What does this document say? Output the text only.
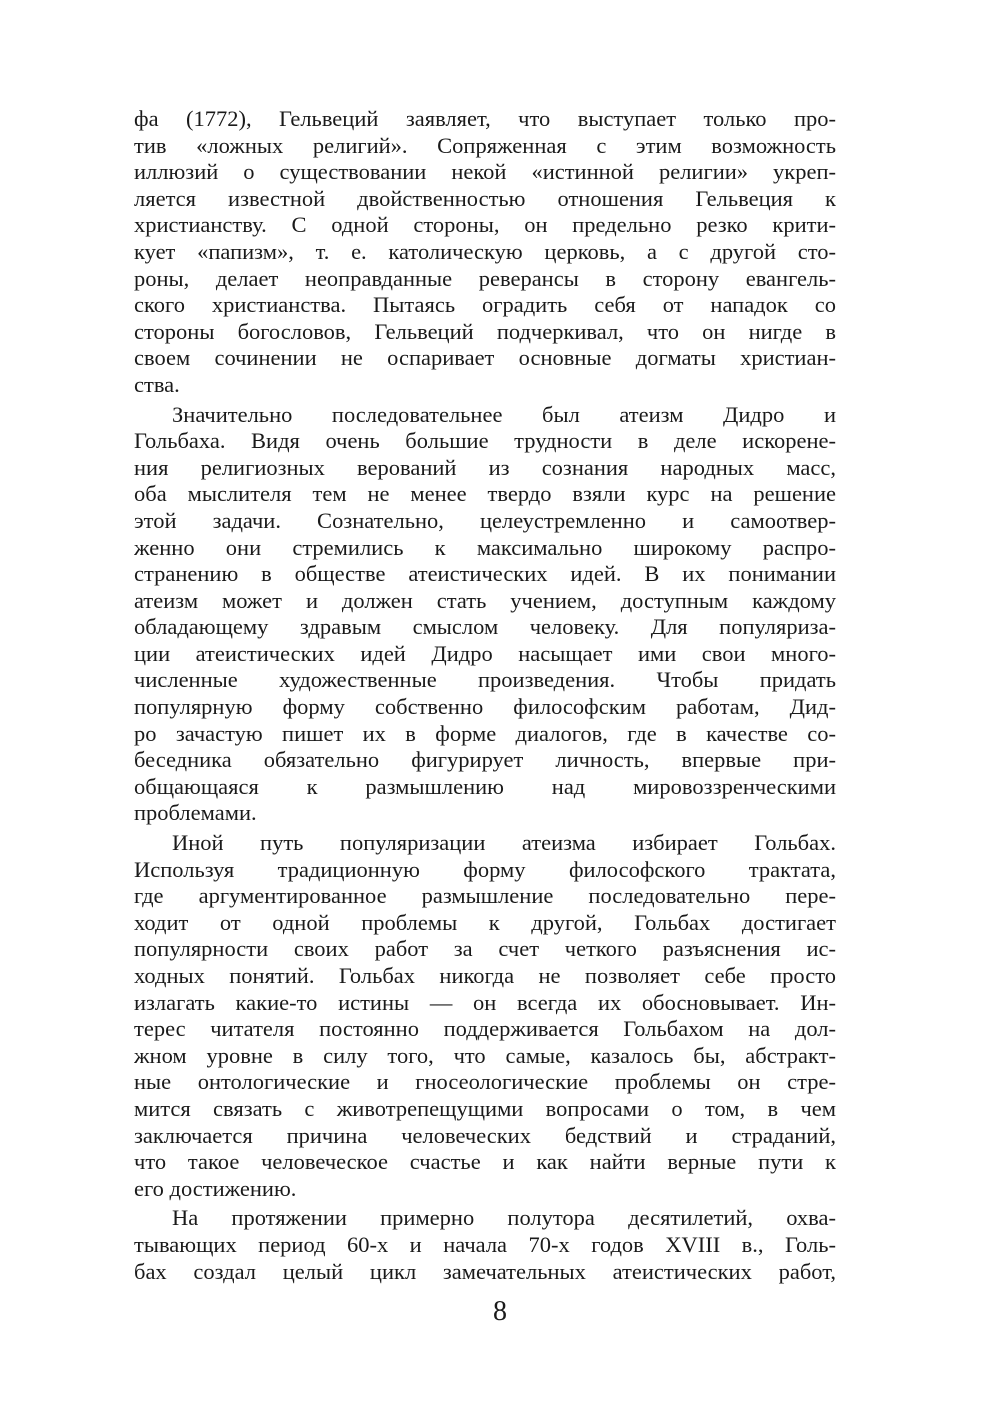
фа (1772), Гельвеций заявляет, что выступает только про-
тив «ложных религий». Сопряженная с этим возможность
иллюзий о существовании некой «истинной религии» укреп-
ляется известной двойственностью отношения Гельвеция к
христианству. С одной стороны, он предельно резко крити-
кует «папизм», т. е. католическую церковь, а с другой сто-
роны, делает неоправданные реверансы в сторону евангель-
ского христианства. Пытаясь оградить себя от нападок со
стороны богословов, Гельвеций подчеркивал, что он нигде в
своем сочинении не оспаривает основные догматы христиан-
ства.

Значительно последовательнее был атеизм Дидро и
Гольбаха. Видя очень большие трудности в деле искорене-
ния религиозных верований из сознания народных масс,
оба мыслителя тем не менее твердо взяли курс на решение
этой задачи. Сознательно, целеустремленно и самоотвер-
женно они стремились к максимально широкому распро-
странению в обществе атеистических идей. В их понимании
атеизм может и должен стать учением, доступным каждому
обладающему здравым смыслом человеку. Для популяриза-
ции атеистических идей Дидро насыщает ими свои много-
численные художественные произведения. Чтобы придать
популярную форму собственно философским работам, Дид-
ро зачастую пишет их в форме диалогов, где в качестве со-
беседника обязательно фигурирует личность, впервые при-
общающаяся к размышлению над мировоззренческими
проблемами.

Иной путь популяризации атеизма избирает Гольбах.
Используя традиционную форму философского трактата,
где аргументированное размышление последовательно пере-
ходит от одной проблемы к другой, Гольбах достигает
популярности своих работ за счет четкого разъяснения ис-
ходных понятий. Гольбах никогда не позволяет себе просто
излагать какие-то истины — он всегда их обосновывает. Ин-
терес читателя постоянно поддерживается Гольбахом на дол-
жном уровне в силу того, что самые, казалось бы, абстракт-
ные онтологические и гносеологические проблемы он стре-
мится связать с животрепещущими вопросами о том, в чем
заключается причина человеческих бедствий и страданий,
что такое человеческое счастье и как найти верные пути к
его достижению.

На протяжении примерно полутора десятилетий, охва-
тывающих период 60-х и начала 70-х годов XVIII в., Голь-
бах создал целый цикл замечательных атеистических работ,

8
